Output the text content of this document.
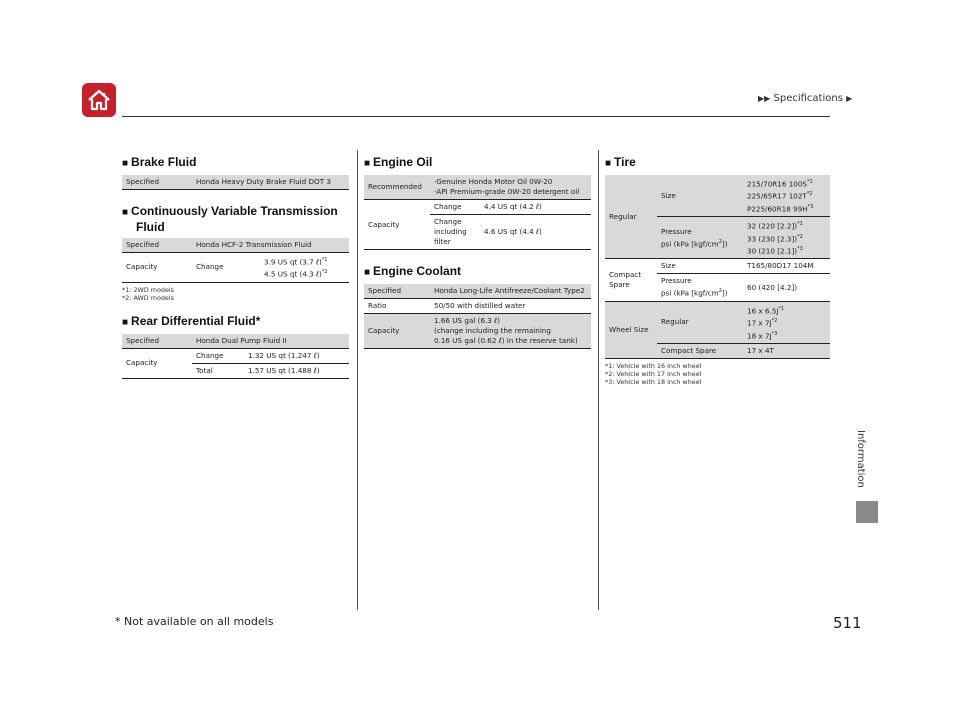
▶▶ Specifications ▶
Information
■ Brake Fluid
Specified	Honda Heavy Duty Brake Fluid DOT 3
■ Continuously Variable Transmission
Fluid
Specified	Honda HCF-2 Transmission Fluid	
Capacity	Change	3.9 US qt (3.7 ℓ)$^{*1}$
4.5 US qt (4.3 ℓ)$^{*2}$
*1: 2WD models
*2: AWD models
■ Rear Differential Fluid*
Specified	Honda Dual Pump Fluid II	
Capacity	Change	1.32 US qt (1.247 ℓ)
	Total	1.57 US qt (1.488 ℓ)
■ Engine Oil
Recommended	·Genuine Honda Motor Oil 0W-20
·API Premium-grade 0W-20 detergent oil	
Capacity	Change	4.4 US qt (4.2 ℓ)
	Change
including
filter	4.6 US qt (4.4 ℓ)
■ Engine Coolant
Specified	Honda Long-Life Antifreeze/Coolant Type2
Ratio	50/50 with distilled water
Capacity	1.66 US gal (6.3 ℓ)
(change including the remaining
0.16 US gal (0.62 ℓ) in the reserve tank)
■ Tire
Regular	Size	215/70R16 $100S^{*1}$
225/65R17 $102T^{*2}$
P225/60R18 $99H^{*3}$
	Pressure
psi (kPa $[kgf/cm^2]$)	32 (220 [2.2])$^{*1}$
33 (230 [2.3])$^{*2}$
30 (210 [2.1])$^{*3}$
Compact
Spare	Size	T165/80D17 104M
	Pressure
psi (kPa $[kgf/cm^2]$)	60 (420 [4.2])
Wheel Size	Regular	16 x $6.5J^{*1}$
17 x $7J^{*2}$
18 x $7J^{*3}$
	Compact Spare	17 x 4T
*1: Vehicle with 16 inch wheel
*2: Vehicle with 17 inch wheel
*3: Vehicle with 18 inch wheel
* Not available on all models	511
